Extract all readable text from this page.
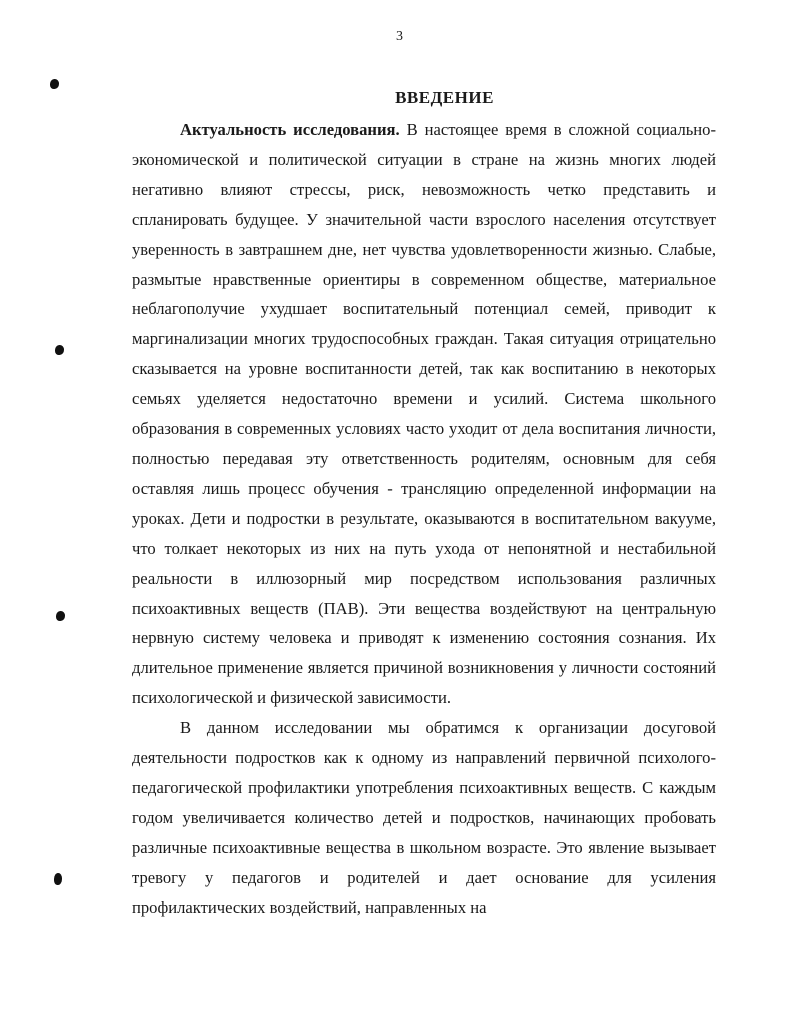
3
ВВЕДЕНИЕ

Актуальность исследования. В настоящее время в сложной социально-экономической и политической ситуации в стране на жизнь многих людей негативно влияют стрессы, риск, невозможность четко представить и спланировать будущее. У значительной части взрослого населения отсутствует уверенность в завтрашнем дне, нет чувства удовлетворенности жизнью. Слабые, размытые нравственные ориентиры в современном обществе, материальное неблагополучие ухудшает воспитательный потенциал семей, приводит к маргинализации многих трудоспособных граждан. Такая ситуация отрицательно сказывается на уровне воспитанности детей, так как воспитанию в некоторых семьях уделяется недостаточно времени и усилий. Система школьного образования в современных условиях часто уходит от дела воспитания личности, полностью передавая эту ответственность родителям, основным для себя оставляя лишь процесс обучения - трансляцию определенной информации на уроках. Дети и подростки в результате, оказываются в воспитательном вакууме, что толкает некоторых из них на путь ухода от непонятной и нестабильной реальности в иллюзорный мир посредством использования различных психоактивных веществ (ПАВ). Эти вещества воздействуют на центральную нервную систему человека и приводят к изменению состояния сознания. Их длительное применение является причиной возникновения у личности состояний психологической и физической зависимости.

В данном исследовании мы обратимся к организации досуговой деятельности подростков как к одному из направлений первичной психолого-педагогической профилактики употребления психоактивных веществ. С каждым годом увеличивается количество детей и подростков, начинающих пробовать различные психоактивные вещества в школьном возрасте. Это явление вызывает тревогу у педагогов и родителей и дает основание для усиления профилактических воздействий, направленных на
